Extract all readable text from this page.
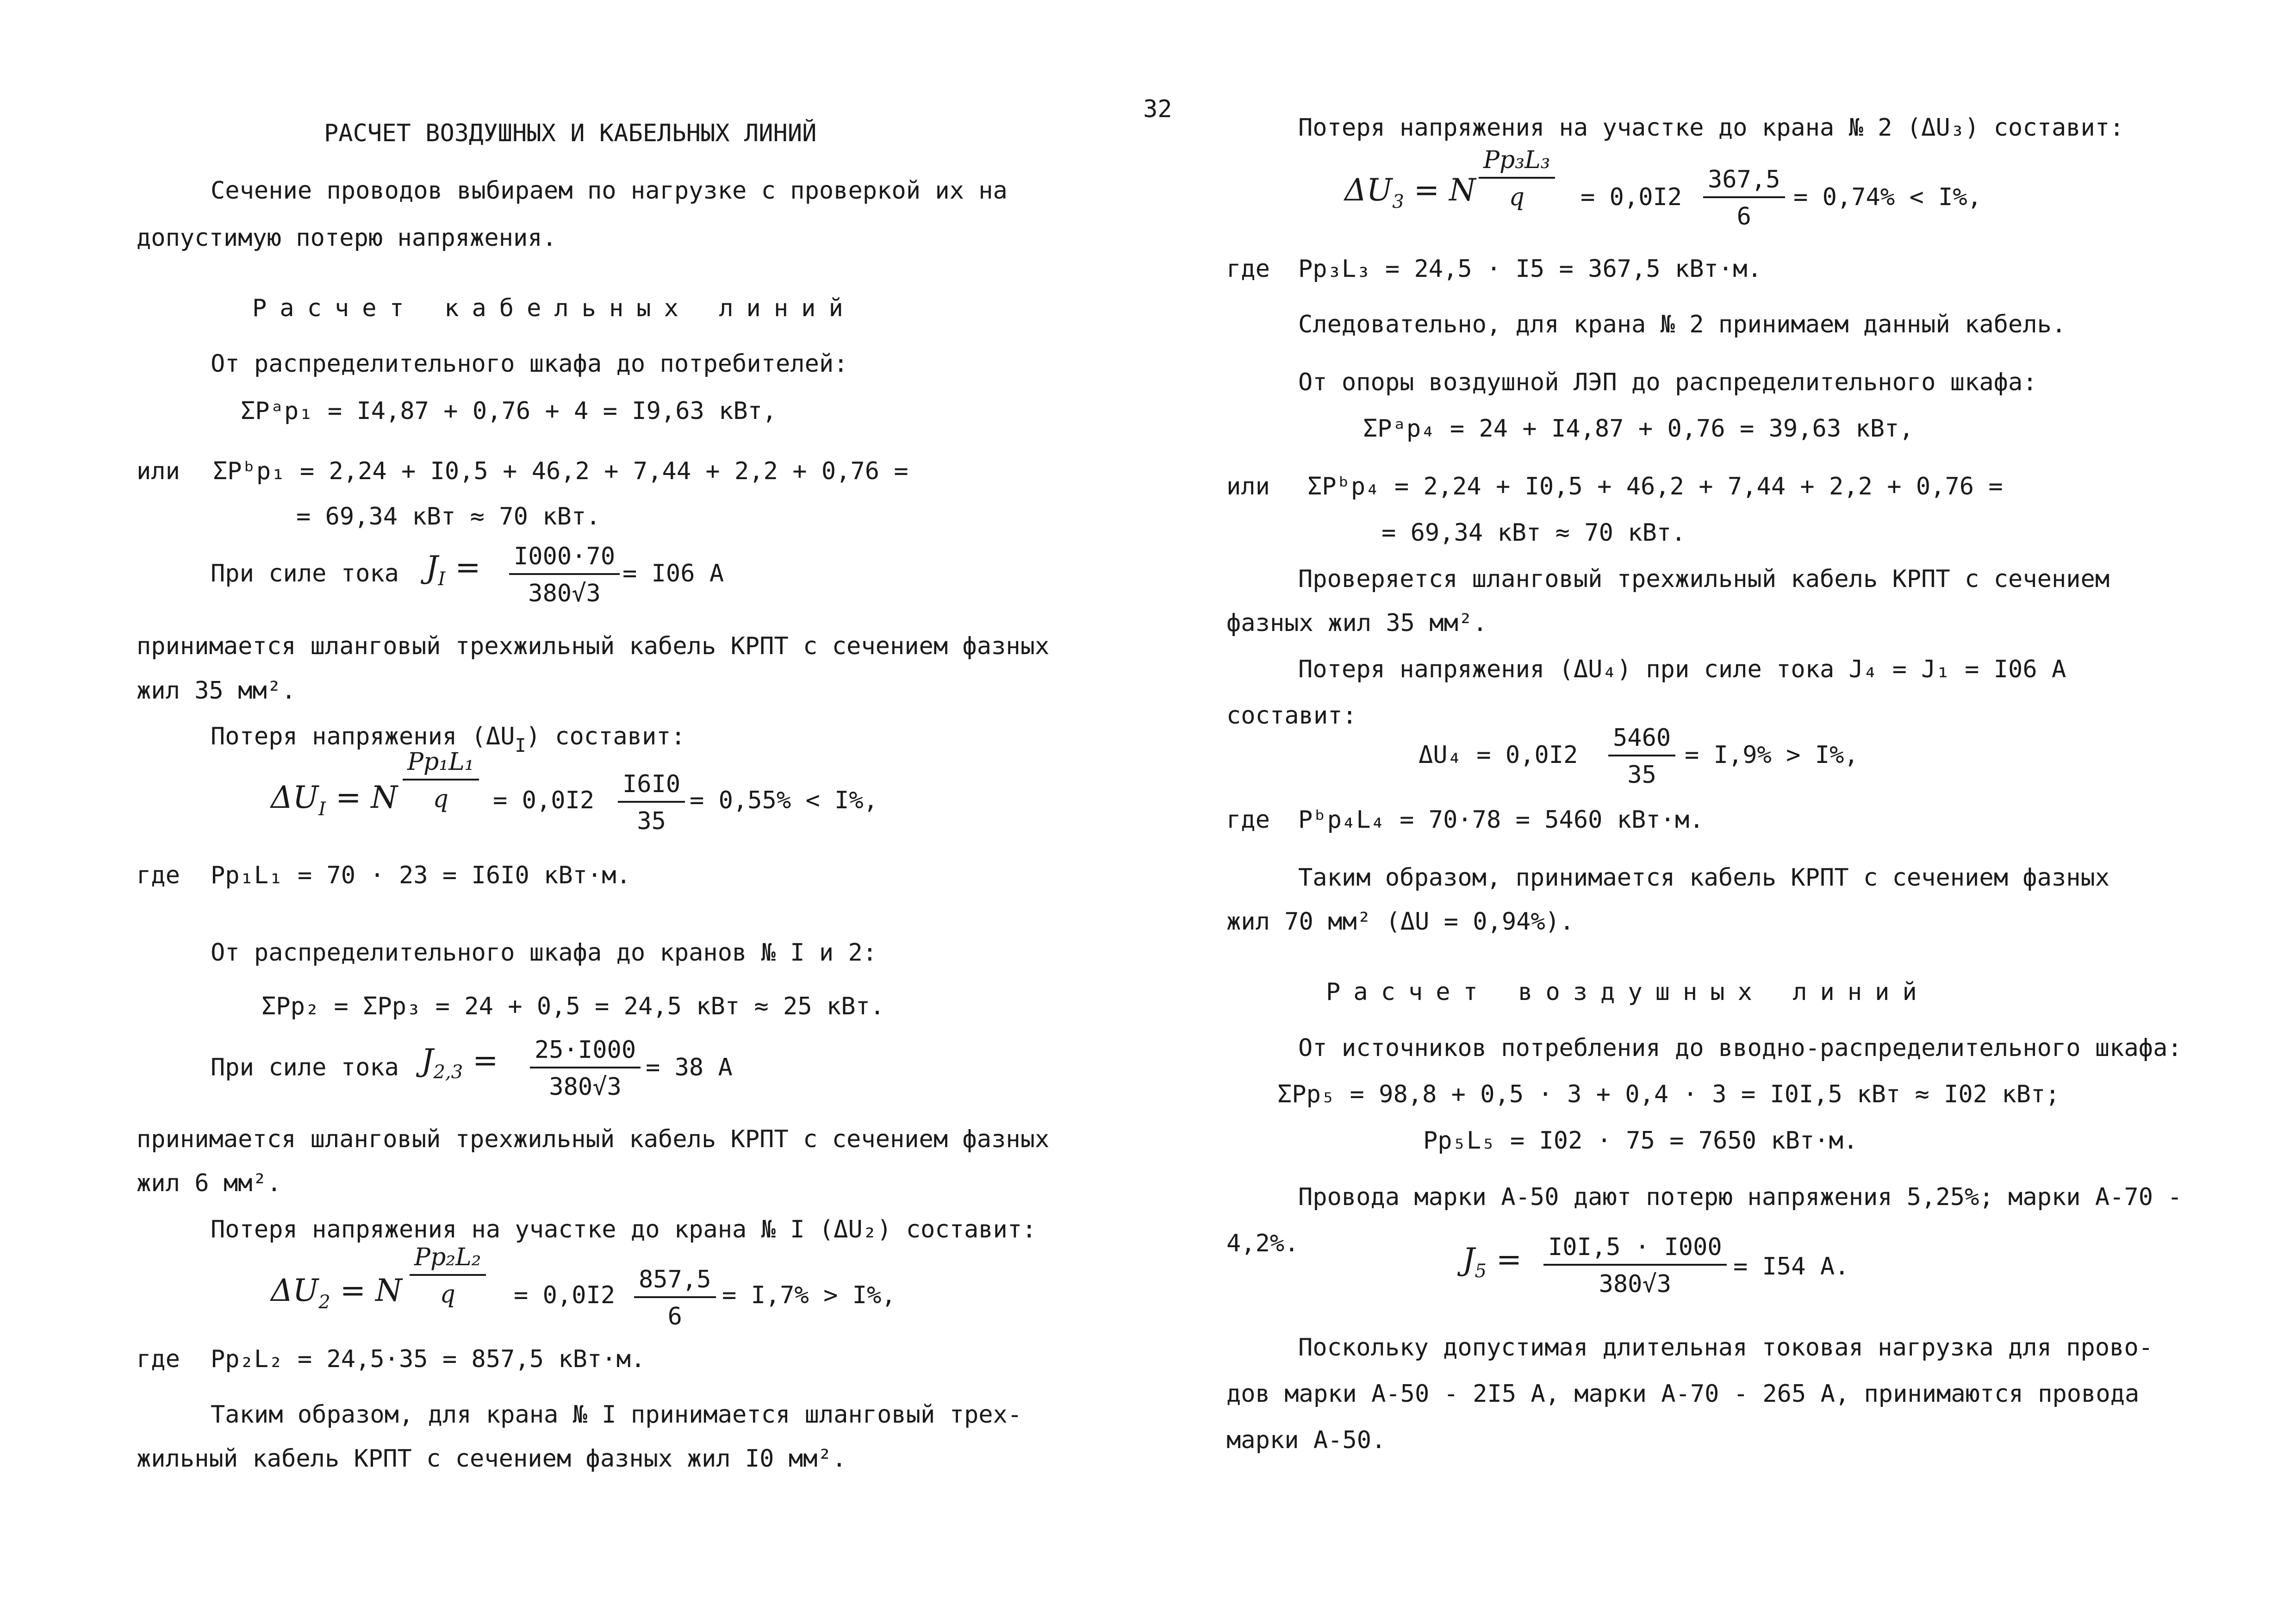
32
РАСЧЕТ ВОЗДУШНЫХ И КАБЕЛЬНЫХ ЛИНИЙ
Сечение проводов выбираем по нагрузке с проверкой их на
допустимую потерю напряжения.
Расчет кабельных линий
От распределительного шкафа до потребителей:
ΣPᵃp₁ = I4,87 + 0,76 + 4 = I9,63 кВт,
или ΣPᵇp₁ = 2,24 + I0,5 + 46,2 + 7,44 + 2,2 + 0,76 =
= 69,34 кВт ≈ 70 кВт.
При силе тока $J_I = \frac{I000\cdot 70}{380√3} = I06$ А
принимается шланговый трехжильный кабель КРПТ с сечением фазных
жил 35 мм².
Потеря напряжения $(\Delta U_I)$ составит:
$\Delta U_I = N \frac{\text{Pp₁L₁}}{q} = 0,0I2 \frac{I6I0}{35} = 0,55\% < I\%$,
где Pp₁L₁ = 70 · 23 = I6I0 кВт·м.
От распределительного шкафа до кранов № I и 2:
ΣPp₂ = ΣPp₃ = 24 + 0,5 = 24,5 кВт ≈ 25 кВт.
При силе тока $J_{2,3} = \frac{25\cdot I000}{380√3} = 38$ А
принимается шланговый трехжильный кабель КРПТ с сечением фазных
жил 6 мм².
Потеря напряжения на участке до крана № I (ΔU₂) составит:
$\Delta U_2 = N \frac{\text{Pp₂L₂}}{q} = 0,0I2 \frac{857,5}{6} = I,7\% > I\%$,
где Pp₂L₂ = 24,5·35 = 857,5 кВт·м.
Таким образом, для крана № I принимается шланговый трех-
жильный кабель КРПТ с сечением фазных жил I0 мм².
Потеря напряжения на участке до крана № 2 (ΔU₃) составит:
$\Delta U_3 = N \frac{\text{Pp₃L₃}}{q} = 0,0I2 \frac{367,5}{6} = 0,74\% < I\%$,
где Pp₃L₃ = 24,5 · I5 = 367,5 кВт·м.
Следовательно, для крана № 2 принимаем данный кабель.
От опоры воздушной ЛЭП до распределительного шкафа:
ΣPᵃp₄ = 24 + I4,87 + 0,76 = 39,63 кВт,
или ΣPᵇp₄ = 2,24 + I0,5 + 46,2 + 7,44 + 2,2 + 0,76 =
= 69,34 кВт ≈ 70 кВт.
Проверяется шланговый трехжильный кабель КРПТ с сечением
фазных жил 35 мм².
Потеря напряжения (ΔU₄) при силе тока J₄ = J₁ = I06 А
составит:
$\Delta U_4 = 0,0I2 \frac{5460}{35} = I,9\% > I\%$,
где Pᵇp₄L₄ = 70·78 = 5460 кВт·м.
Таким образом, принимается кабель КРПТ с сечением фазных
жил 70 мм² (ΔU = 0,94%).
Расчет воздушных линий
От источников потребления до вводно-распределительного шкафа:
ΣPp₅ = 98,8 + 0,5 · 3 + 0,4 · 3 = I0I,5 кВт ≈ I02 кВт;
Pp₅L₅ = I02 · 75 = 7650 кВт·м.
Провода марки А-50 дают потерю напряжения 5,25%; марки А-70 -
4,2%.	$J_5 = \frac{I0I,5 \cdot I000}{380√3} = I54$ А.
Поскольку допустимая длительная токовая нагрузка для прово-
дов марки А-50 - 2I5 А, марки А-70 - 265 А, принимаются провода
марки А-50.
